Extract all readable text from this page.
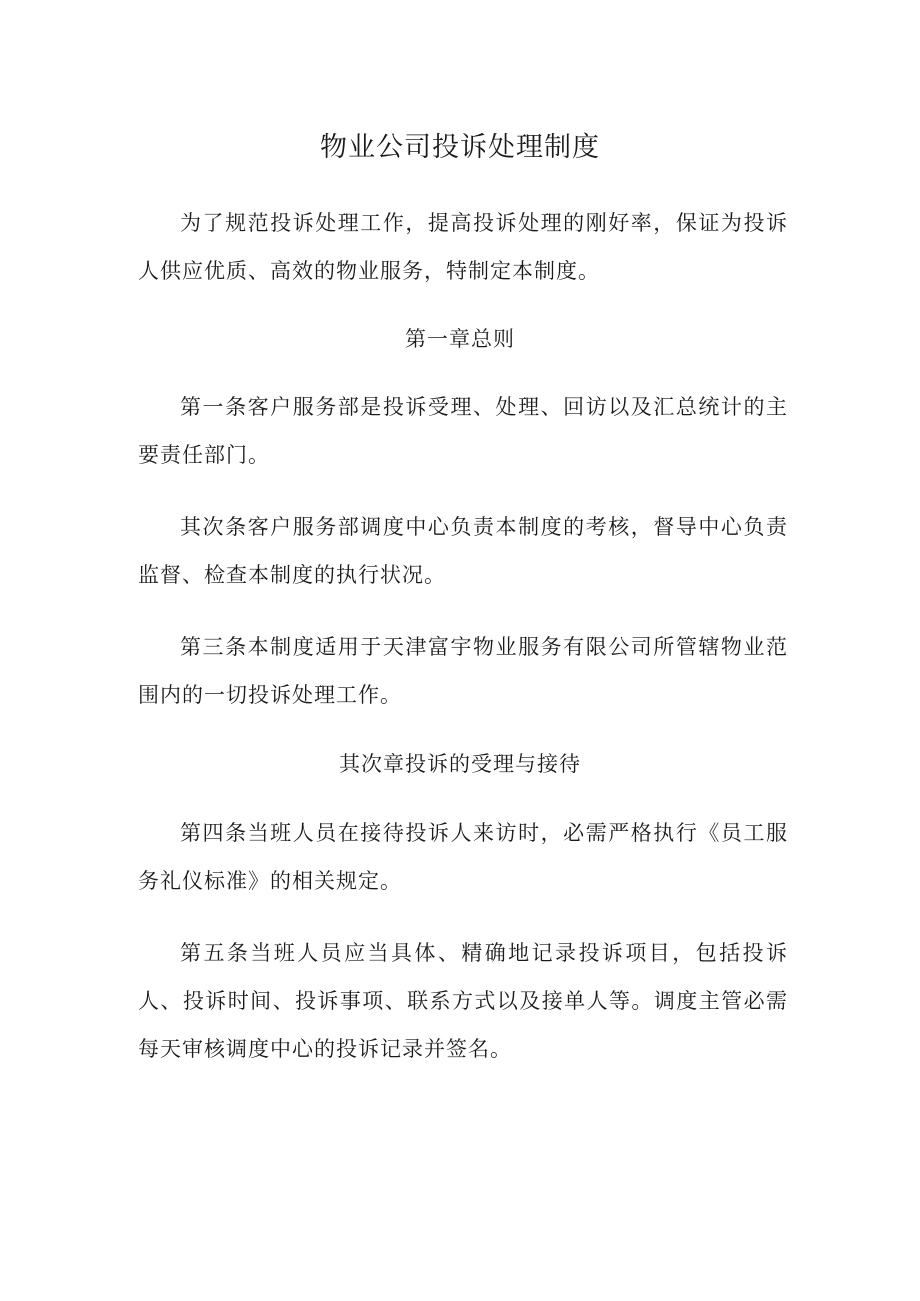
物业公司投诉处理制度
为了规范投诉处理工作，提高投诉处理的刚好率，保证为投诉人供应优质、高效的物业服务，特制定本制度。
第一章总则
第一条客户服务部是投诉受理、处理、回访以及汇总统计的主要责任部门。
其次条客户服务部调度中心负责本制度的考核，督导中心负责监督、检查本制度的执行状况。
第三条本制度适用于天津富宇物业服务有限公司所管辖物业范围内的一切投诉处理工作。
其次章投诉的受理与接待
第四条当班人员在接待投诉人来访时，必需严格执行《员工服务礼仪标准》的相关规定。
第五条当班人员应当具体、精确地记录投诉项目，包括投诉人、投诉时间、投诉事项、联系方式以及接单人等。调度主管必需每天审核调度中心的投诉记录并签名。
